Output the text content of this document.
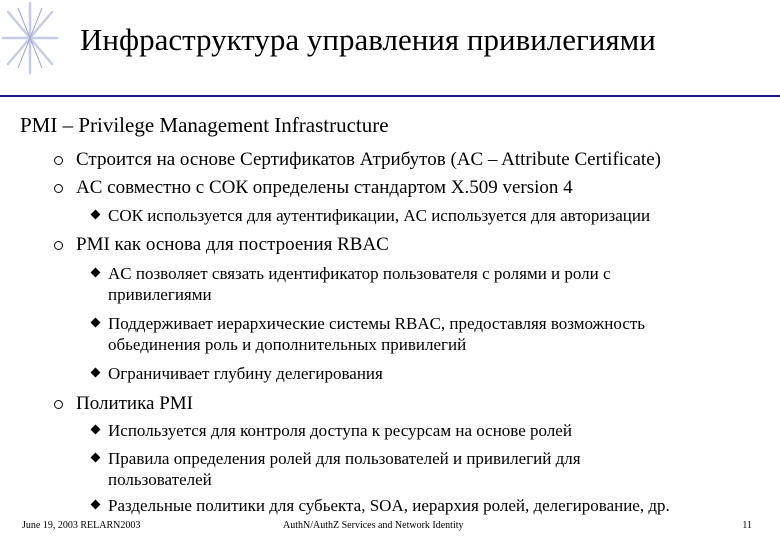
Инфраструктура управления привилегиями
PMI – Privilege Management Infrastructure
Строится на основе Сертификатов Атрибутов (AC – Attribute Certificate)
AC совместно с СОК определены стандартом X.509 version 4
СОК используется для аутентификации, AC используется для авторизации
PMI как основа для построения RBAC
AC позволяет связать идентификатор пользователя с ролями и роли с
привилегиями
Поддерживает иерархические системы RBAC, предоставляя возможность
обьединения роль и дополнительных привилегий
Ограничивает глубину делегирования
Политика PMI
Используется для контроля доступа к ресурсам на основе ролей
Правила определения ролей для пользователей и привилегий для
пользователей
Раздельные политики для субьекта, SOA, иерархия ролей, делегирование, др.
June 19, 2003 RELARN2003	AuthN/AuthZ Services and Network Identity	11
